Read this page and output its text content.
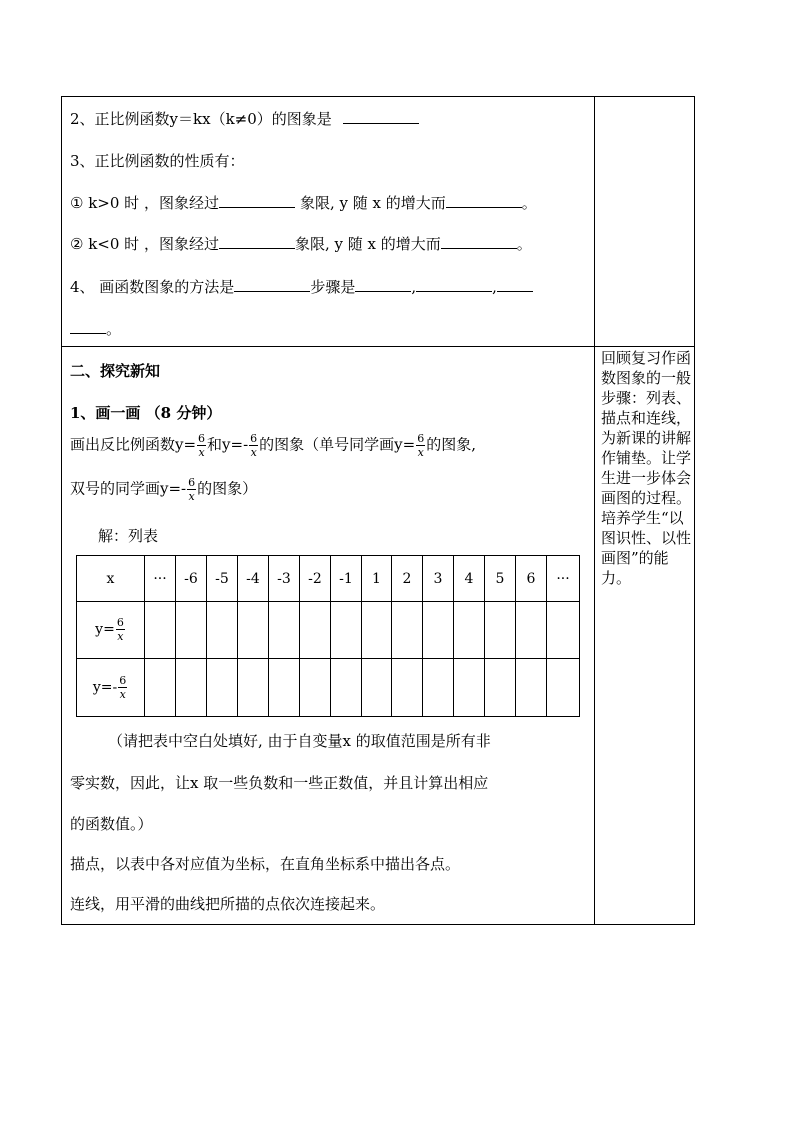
2、正比例函数y＝kx（k≠0）的图象是
3、正比例函数的性质有：
① k>0 时 ，图象经过	象限, y 随 x 的增大而	。
② k<0 时 ，图象经过	象限, y 随 x 的增大而	。
4、 画函数图象的方法是	步骤是	,	,
。
二、探究新知
1、画一画 （8 分钟）
画出反比例函数$y= \frac{6}{x}$ 和$y=- \frac{6}{x}$ 的图象（单号同学画$y= \frac{6}{x}$ 的图象,
双号的同学画$y=- \frac{6}{x}$ 的图象）
解：列表
x	···	-6	-5	-4	-3	-2	-1	1	2	3	4	5	6	···
$y= \frac{6}{x}$

$y=- \frac{6}{x}$

（请把表中空白处填好, 由于自变量x 的取值范围是所有非
零实数，因此，让x 取一些负数和一些正数值，并且计算出相应
的函数值。）
描点，以表中各对应值为坐标，在直角坐标系中描出各点。
连线，用平滑的曲线把所描的点依次连接起来。
回顾复习作函数图象的一般步骤：列表、描点和连线，为新课的讲解作铺垫。让学生进一步体会画图的过程。培养学生“以图识性、以性画图”的能力。
